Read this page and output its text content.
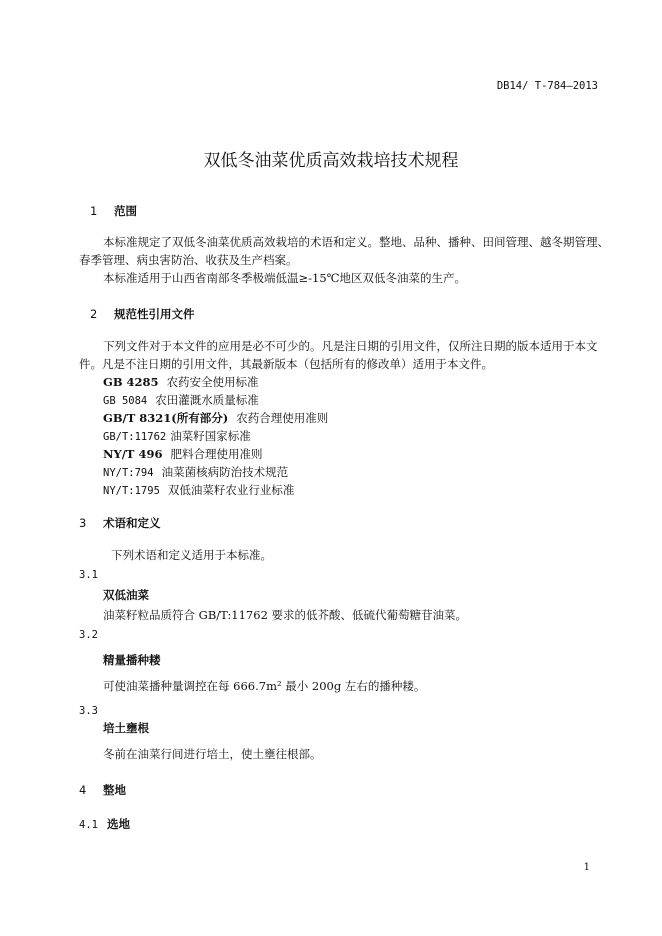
DB14/ T-784—2013
双低冬油菜优质高效栽培技术规程
1 范围
本标准规定了双低冬油菜优质高效栽培的术语和定义。整地、品种、播种、田间管理、越冬期管理、
春季管理、病虫害防治、收获及生产档案。
本标准适用于山西省南部冬季极端低温≥-15℃地区双低冬油菜的生产。
2 规范性引用文件
下列文件对于本文件的应用是必不可少的。凡是注日期的引用文件，仅所注日期的版本适用于本文
件。凡是不注日期的引用文件，其最新版本（包括所有的修改单）适用于本文件。
GB 4285 农药安全使用标准
GB 5084 农田灌溉水质量标准
GB/T 8321(所有部分) 农药合理使用准则
GB/T:11762 油菜籽国家标准
NY/T 496 肥料合理使用准则
NY/T:794 油菜菌核病防治技术规范
NY/T:1795 双低油菜籽农业行业标准
3 术语和定义
下列术语和定义适用于本标准。
3.1
双低油菜
油菜籽粒品质符合 GB/T:11762 要求的低芥酸、低硫代葡萄糖苷油菜。
3.2
精量播种耧
可使油菜播种量调控在每 666.7m² 最小 200g 左右的播种耧。
3.3
培土壅根
冬前在油菜行间进行培土，使土壅往根部。
4 整地
4.1 选地
1
